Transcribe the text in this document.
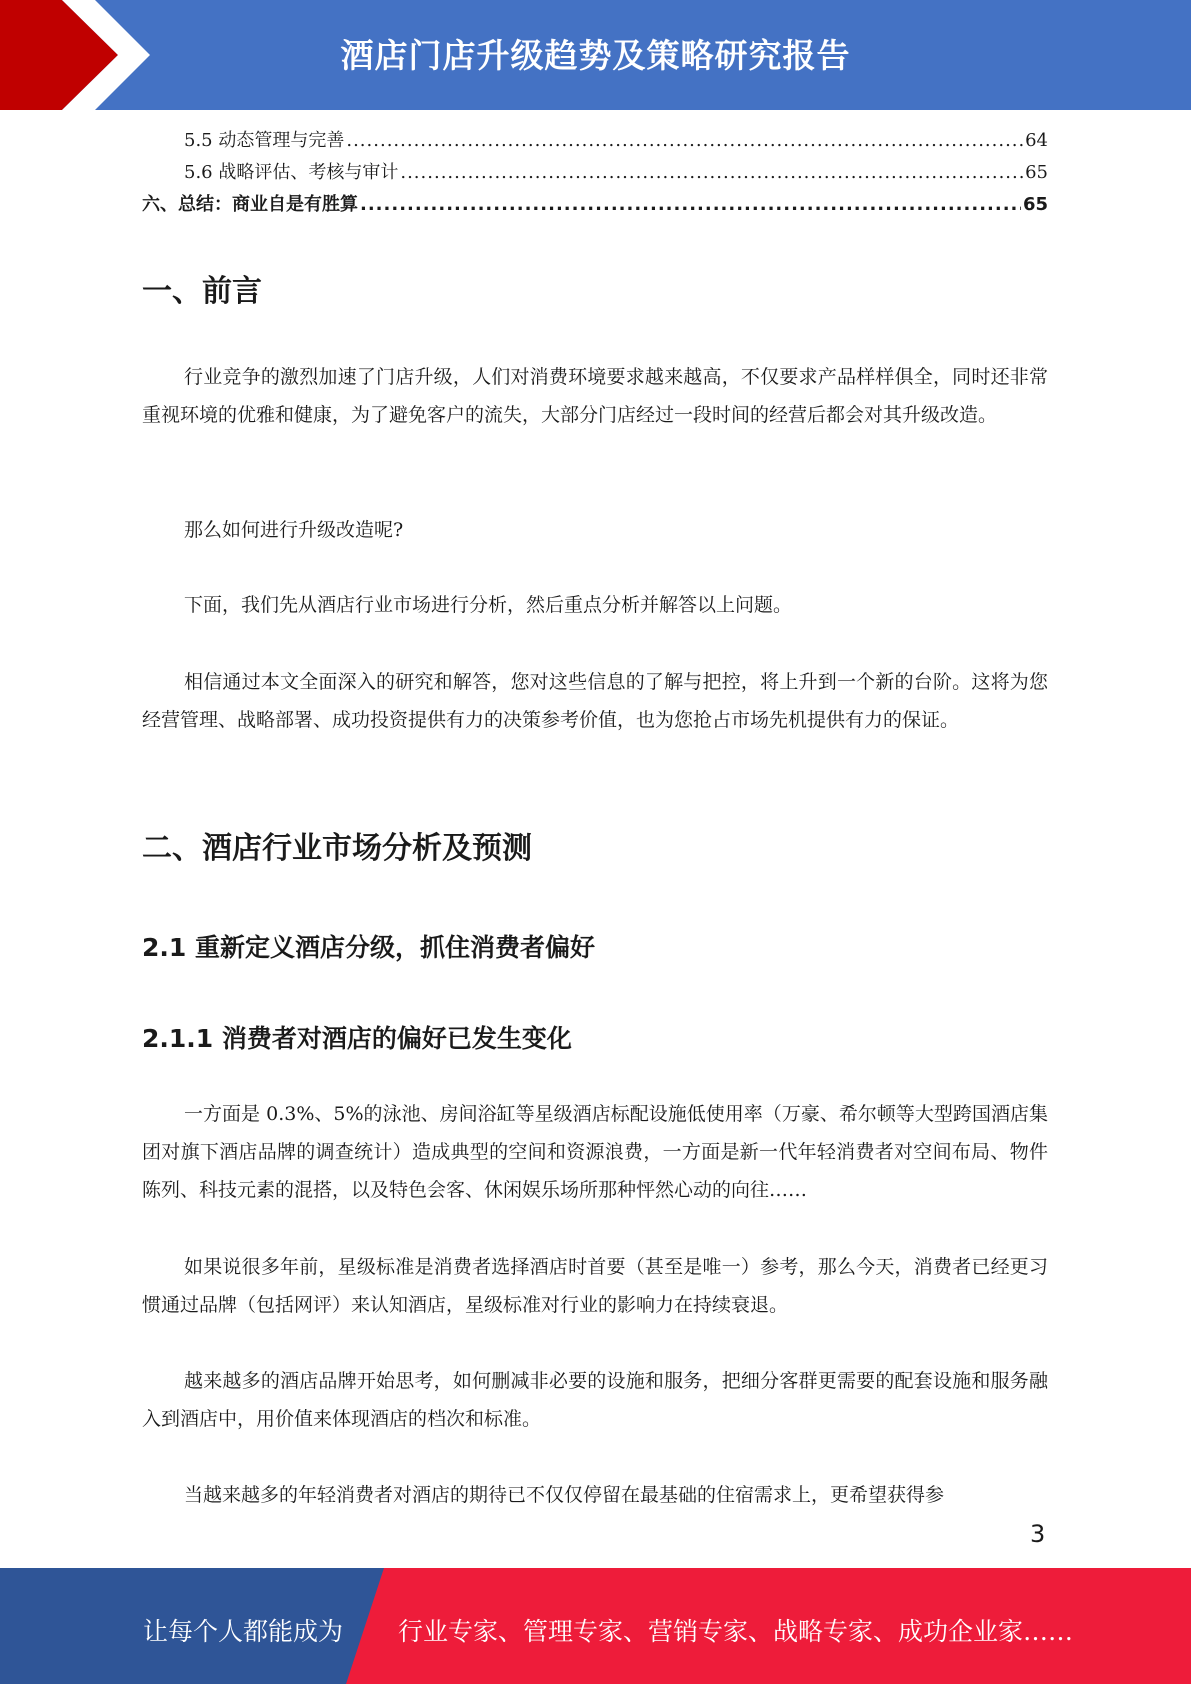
酒店门店升级趋势及策略研究报告
5.5 动态管理与完善 .....	64
5.6 战略评估、考核与审计 .....	65
六、总结：商业自是有胜算 .....	65
一、前言

行业竞争的激烈加速了门店升级，人们对消费环境要求越来越高，不仅要求产品样样俱全，同时还非常重视环境的优雅和健康，为了避免客户的流失，大部分门店经过一段时间的经营后都会对其升级改造。

那么如何进行升级改造呢?

下面，我们先从酒店行业市场进行分析，然后重点分析并解答以上问题。

相信通过本文全面深入的研究和解答，您对这些信息的了解与把控，将上升到一个新的台阶。这将为您经营管理、战略部署、成功投资提供有力的决策参考价值，也为您抢占市场先机提供有力的保证。

二、酒店行业市场分析及预测
2.1 重新定义酒店分级，抓住消费者偏好
2.1.1 消费者对酒店的偏好已发生变化

一方面是 0.3%、5%的泳池、房间浴缸等星级酒店标配设施低使用率（万豪、希尔顿等大型跨国酒店集团对旗下酒店品牌的调查统计）造成典型的空间和资源浪费，一方面是新一代年轻消费者对空间布局、物件陈列、科技元素的混搭，以及特色会客、休闲娱乐场所那种怦然心动的向往……

如果说很多年前，星级标准是消费者选择酒店时首要（甚至是唯一）参考，那么今天，消费者已经更习惯通过品牌（包括网评）来认知酒店，星级标准对行业的影响力在持续衰退。

越来越多的酒店品牌开始思考，如何删减非必要的设施和服务，把细分客群更需要的配套设施和服务融入到酒店中，用价值来体现酒店的档次和标准。

当越来越多的年轻消费者对酒店的期待已不仅仅停留在最基础的住宿需求上，更希望获得参

3
让每个人都能成为 行业专家、管理专家、营销专家、战略专家、成功企业家……
